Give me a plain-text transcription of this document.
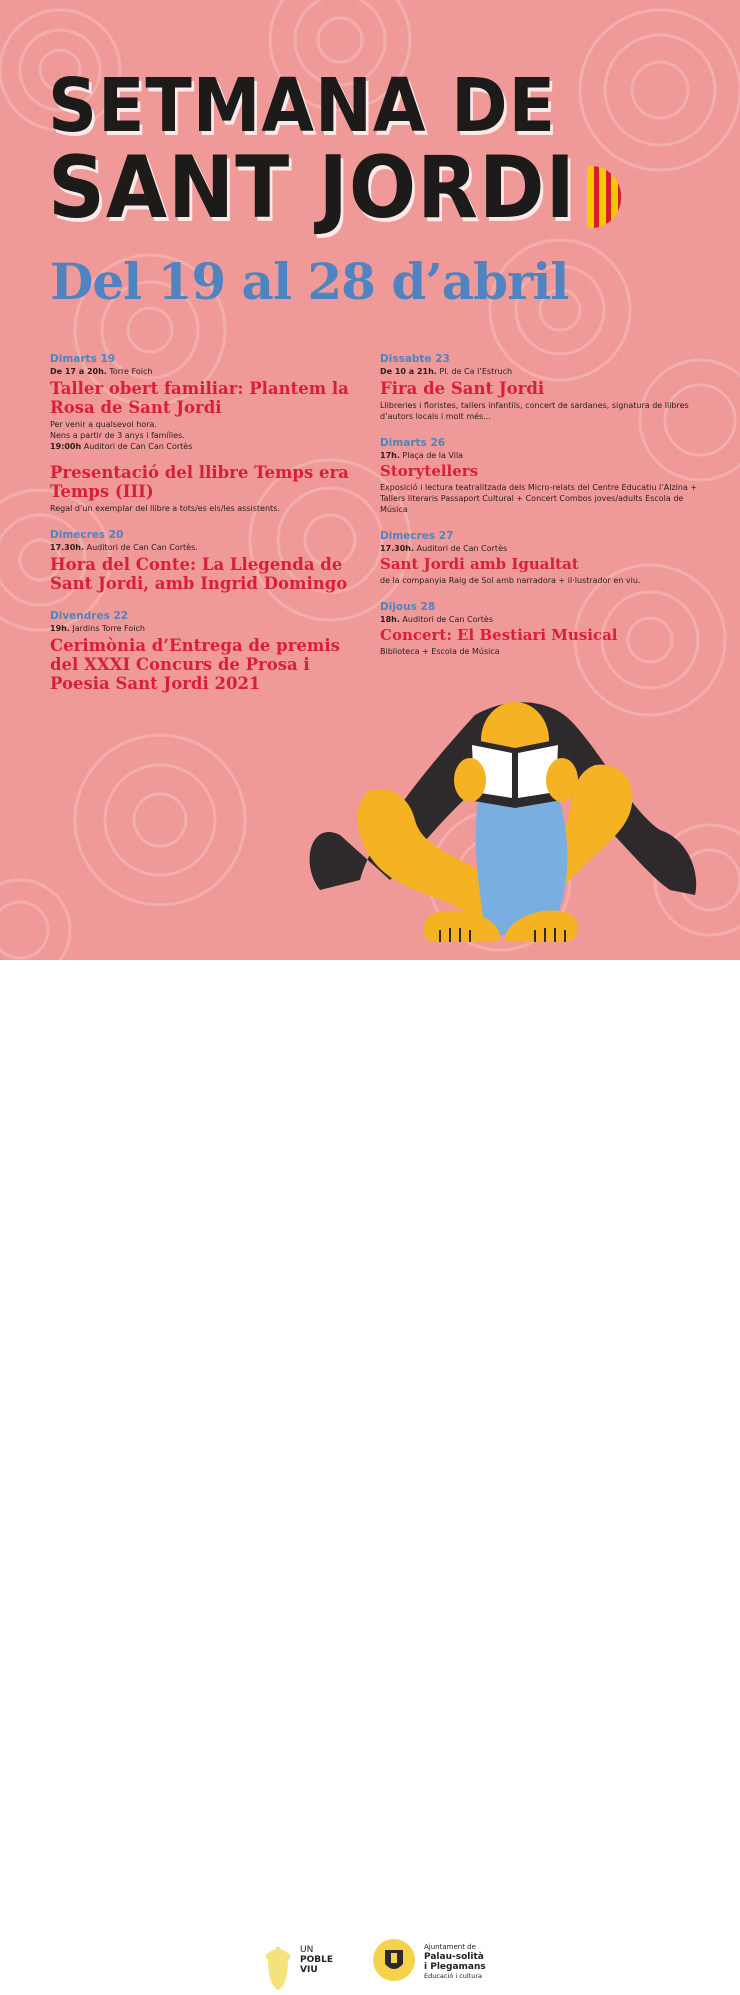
SETMANA DE
SANT JORDI
Del 19 al 28 d’abril

Dimarts 19

De 17 a 20h. Torre Foich

Taller obert familiar: Plantem la Rosa de Sant Jordi

Per venir a qualsevol hora.

Nens a partir de 3 anys i famílies.

19:00h Auditori de Can Can Cortès

Presentació del llibre Temps era Temps (III)

Regal d’un exemplar del llibre a tots/es els/les assistents.

Dimecres 20

17.30h. Auditori de Can Can Cortès.

Hora del Conte: La Llegenda de Sant Jordi, amb Ingrid Domingo

Divendres 22

19h. Jardins Torre Foich

Cerimònia d’Entrega de premis del XXXI Concurs de Prosa i Poesia Sant Jordi 2021

Dissabte 23

De 10 a 21h. Pl. de Ca l’Estruch

Fira de Sant Jordi

Llibreries i floristes, tallers infantils, concert de sardanes, signatura de llibres d’autors locals i molt més...

Dimarts 26

17h. Plaça de la Vila

Storytellers

Exposició i lectura teatralitzada dels Micro-relats del Centre Educatiu l’Alzina + Tallers literaris Passaport Cultural + Concert Combos joves/adults Escola de Música

Dimecres 27

17.30h. Auditori de Can Cortès

Sant Jordi amb Igualtat

de la companyia Raig de Sol amb narradora + il·lustrador en viu.

Dijous 28

18h. Auditori de Can Cortès

Concert: El Bestiari Musical

Biblioteca + Escola de Música

UN
POBLE
VIU
Ajuntament de
Palau-solità
i Plegamans
Educació i cultura
